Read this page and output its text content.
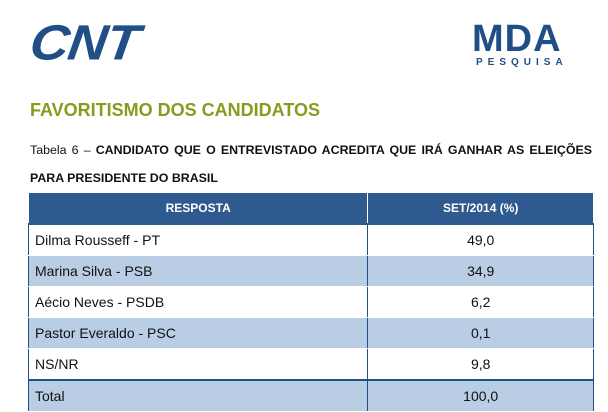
CNT	MDA
PESQUISA
FAVORITISMO DOS CANDIDATOS
Tabela 6 – CANDIDATO QUE O ENTREVISTADO ACREDITA QUE IRÁ GANHAR AS ELEIÇÕES PARA PRESIDENTE DO BRASIL
RESPOSTA	SET/2014 (%)
Dilma Rousseff - PT	49,0
Marina Silva - PSB	34,9
Aécio Neves - PSDB	6,2
Pastor Everaldo - PSC	0,1
NS/NR	9,8
Total	100,0
